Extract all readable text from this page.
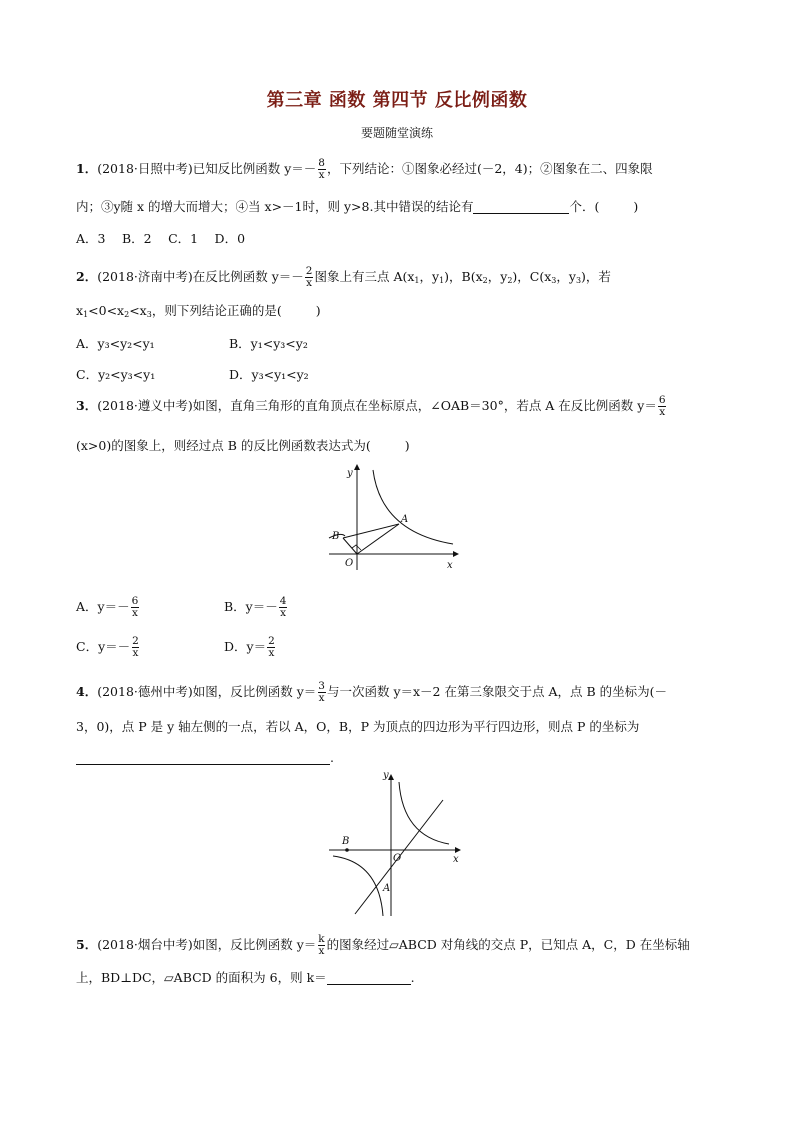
第三章 函数 第四节 反比例函数
要题随堂演练
1．(2018·日照中考)已知反比例函数 $y=- \frac{8}{x}$ ，下列结论：①图象必经过(－2，4)；②图象在二、四象限
内；③y随 x 的增大而增大；④当 x>－1时，则 y>8.其中错误的结论有	个．(	)
A．3　 B．2　 C．1　 D．0
2．(2018·济南中考)在反比例函数 $y=- \frac{2}{x}$ 图象上有三点 $A(x_1$，$y_1$)，$B(x_2$，$y_2$)，$C(x_3$，$y_3$)，若
$x_1<0<x_2<x_3$，则下列结论正确的是(	)
A．y₃<y₂<y₁	B．y₁<y₃<y₂
C．y₂<y₃<y₁	D．y₃<y₁<y₂
3．(2018·遵义中考)如图，直角三角形的直角顶点在坐标原点，∠OAB＝30°，若点 A 在反比例函数 $y= \frac{6}{x}$
(x>0)的图象上，则经过点 B 的反比例函数表达式为(	)
y
x
O
A
B
A．$y=- \frac{6}{x}$	B．$y=- \frac{4}{x}$
C．$y=- \frac{2}{x}$	D．$y= \frac{2}{x}$
4．(2018·德州中考)如图，反比例函数 $y= \frac{3}{x}$ 与一次函数 y＝x－2 在第三象限交于点 A，点 B 的坐标为(－
3，0)，点 P 是 y 轴左侧的一点，若以 A，O，B，P 为顶点的四边形为平行四边形，则点 P 的坐标为
.
y
x
O
A
B
5．(2018·烟台中考)如图，反比例函数 $y= \frac{k}{x}$ 的图象经过▱ABCD 对角线的交点 P，已知点 A，C，D 在坐标轴
上，BD⊥DC，▱ABCD 的面积为 6，则 k＝	.
